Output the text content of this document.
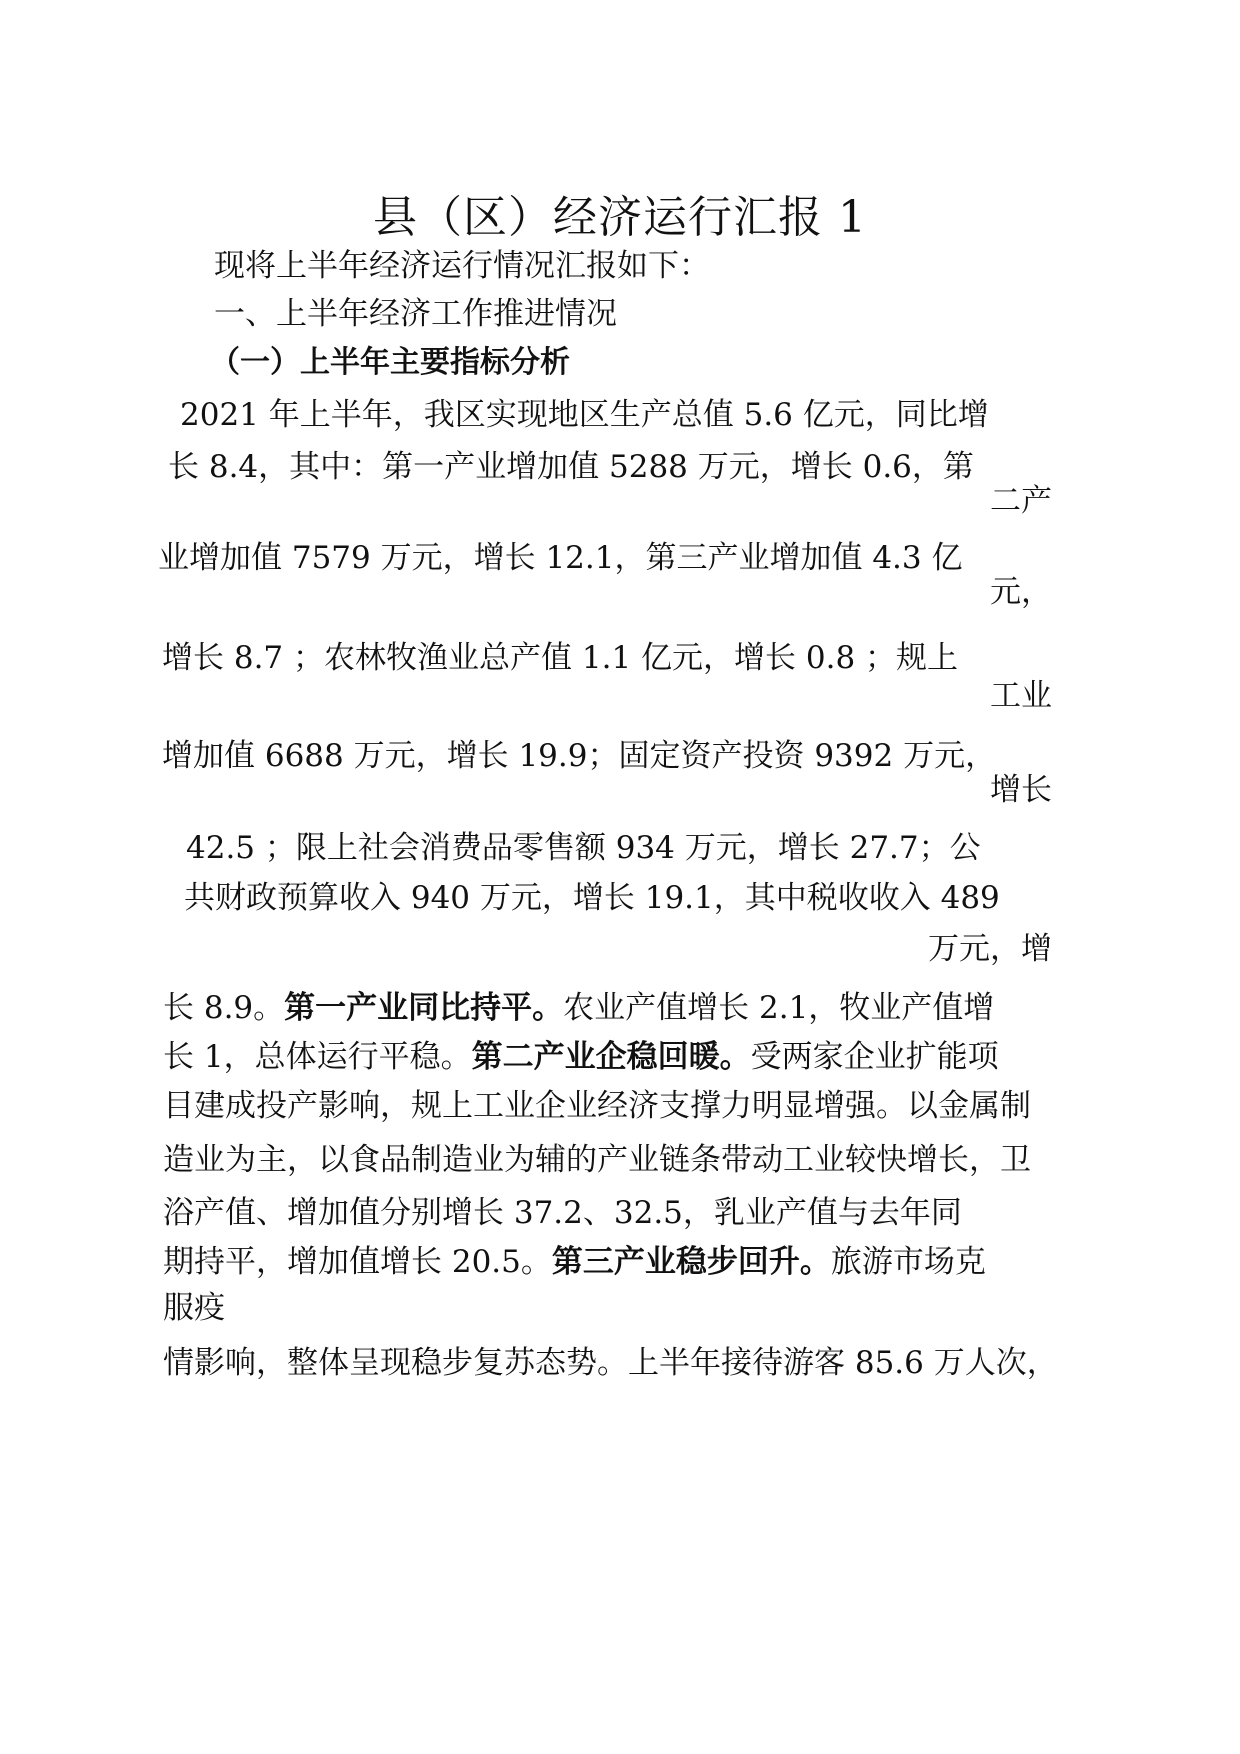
县（区）经济运行汇报 1
现将上半年经济运行情况汇报如下：
一、上半年经济工作推进情况
（一）上半年主要指标分析
2021 年上半年，我区实现地区生产总值 5.6 亿元，同比增
长 8.4，其中：第一产业增加值 5288 万元，增长 0.6，第
二产
业增加值 7579 万元，增长 12.1，第三产业增加值 4.3 亿
元，
增长 8.7 ；农林牧渔业总产值 1.1 亿元，增长 0.8 ；规上
工业
增加值 6688 万元，增长 19.9；固定资产投资 9392 万元，
增长
42.5 ；限上社会消费品零售额 934 万元，增长 27.7；公
共财政预算收入 940 万元，增长 19.1，其中税收收入 489
万元，增
长 8.9。第一产业同比持平。农业产值增长 2.1，牧业产值增
长 1，总体运行平稳。第二产业企稳回暖。受两家企业扩能项
目建成投产影响，规上工业企业经济支撑力明显增强。以金属制
造业为主，以食品制造业为辅的产业链条带动工业较快增长，卫
浴产值、增加值分别增长 37.2、32.5，乳业产值与去年同
期持平，增加值增长 20.5。第三产业稳步回升。旅游市场克
服疫
情影响，整体呈现稳步复苏态势。上半年接待游客 85.6 万人次，
